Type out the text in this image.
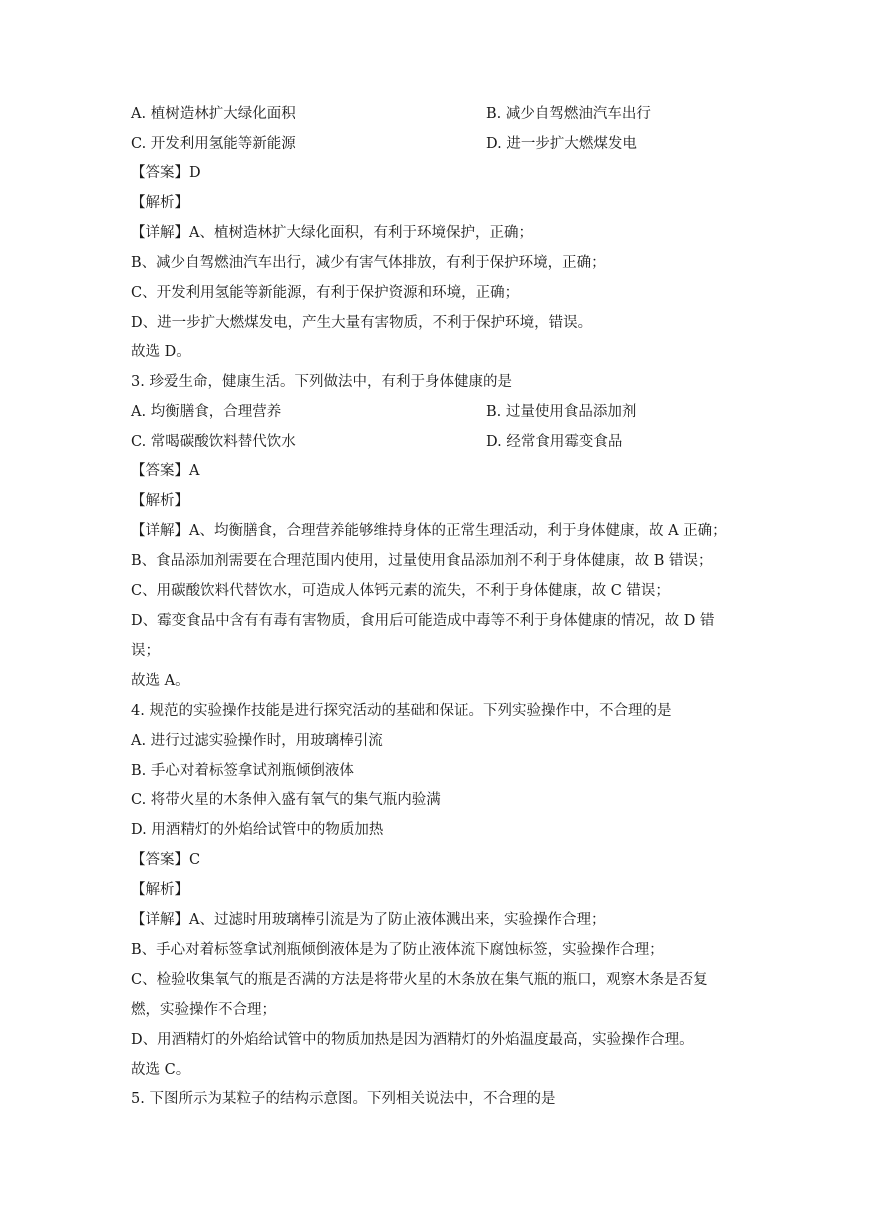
A. 植树造林扩大绿化面积	B. 减少自驾燃油汽车出行
C. 开发利用氢能等新能源	D. 进一步扩大燃煤发电
【答案】D
【解析】
【详解】A、植树造林扩大绿化面积，有利于环境保护，正确；
B、减少自驾燃油汽车出行，减少有害气体排放，有利于保护环境，正确；
C、开发利用氢能等新能源，有利于保护资源和环境，正确；
D、进一步扩大燃煤发电，产生大量有害物质，不利于保护环境，错误。
故选 D。
3. 珍爱生命，健康生活。下列做法中，有利于身体健康的是
A. 均衡膳食，合理营养	B. 过量使用食品添加剂
C. 常喝碳酸饮料替代饮水	D. 经常食用霉变食品
【答案】A
【解析】
【详解】A、均衡膳食，合理营养能够维持身体的正常生理活动，利于身体健康，故 A 正确；
B、食品添加剂需要在合理范围内使用，过量使用食品添加剂不利于身体健康，故 B 错误；
C、用碳酸饮料代替饮水，可造成人体钙元素的流失，不利于身体健康，故 C 错误；
D、霉变食品中含有有毒有害物质，食用后可能造成中毒等不利于身体健康的情况，故 D 错
误；
故选 A。
4. 规范的实验操作技能是进行探究活动的基础和保证。下列实验操作中，不合理的是
A. 进行过滤实验操作时，用玻璃棒引流
B. 手心对着标签拿试剂瓶倾倒液体
C. 将带火星的木条伸入盛有氧气的集气瓶内验满
D. 用酒精灯的外焰给试管中的物质加热
【答案】C
【解析】
【详解】A、过滤时用玻璃棒引流是为了防止液体溅出来，实验操作合理；
B、手心对着标签拿试剂瓶倾倒液体是为了防止液体流下腐蚀标签，实验操作合理；
C、检验收集氧气的瓶是否满的方法是将带火星的木条放在集气瓶的瓶口，观察木条是否复
燃，实验操作不合理；
D、用酒精灯的外焰给试管中的物质加热是因为酒精灯的外焰温度最高，实验操作合理。
故选 C。
5. 下图所示为某粒子的结构示意图。下列相关说法中，不合理的是
